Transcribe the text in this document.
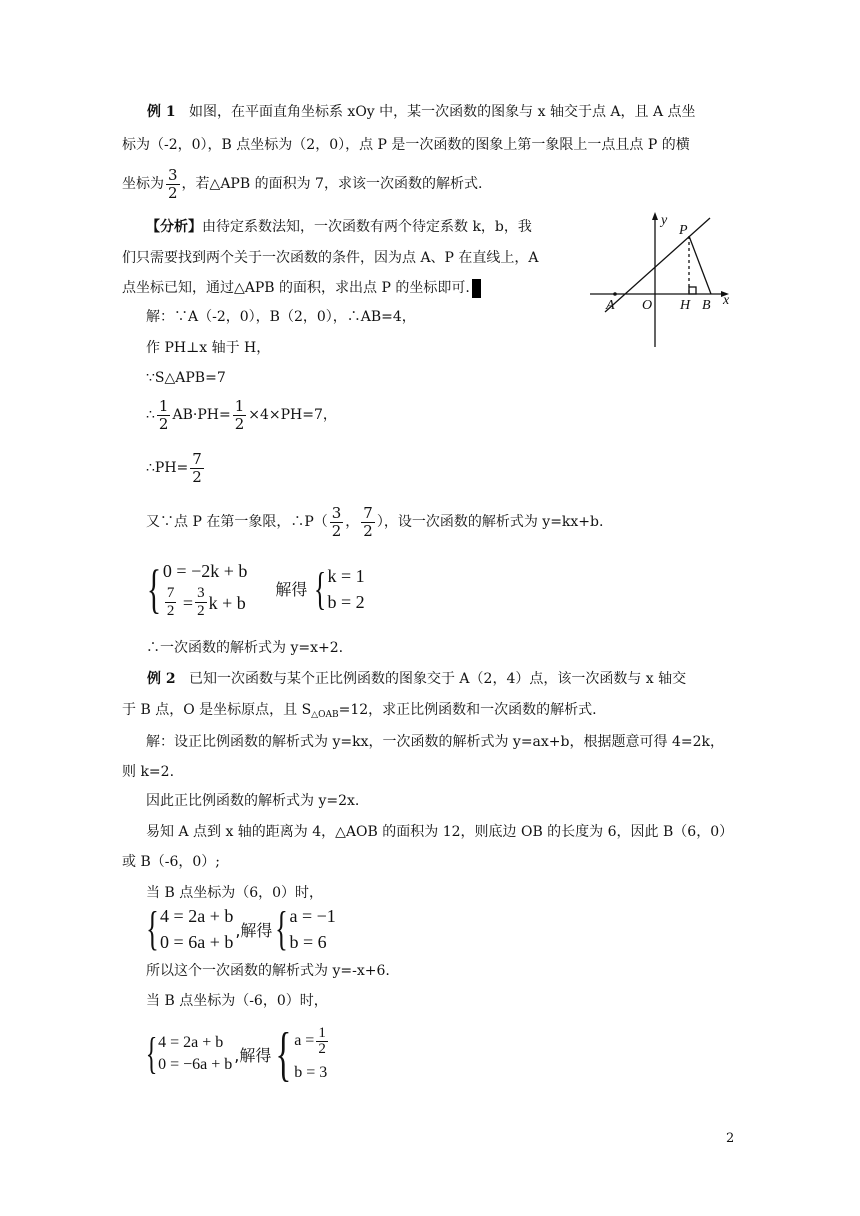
例 1 如图，在平面直角坐标系 xOy 中，某一次函数的图象与 x 轴交于点 A，且 A 点坐
标为（-2，0），B 点坐标为（2，0），点 P 是一次函数的图象上第一象限上一点且点 P 的横
坐标为 $\frac{3}{2}$ ，若△APB 的面积为 7，求该一次函数的解析式.
【分析】由待定系数法知，一次函数有两个待定系数 k，b，我
们只需要找到两个关于一次函数的条件，因为点 A、P 在直线上，A
点坐标已知，通过△APB 的面积，求出点 P 的坐标即可.
y
x
P
A O H B
解：∵A（-2，0），B（2，0），∴AB=4，
作 PH⊥x 轴于 H，
∵S△APB=7
∴ $\frac{1}{2} AB\cdot PH= \frac{1}{2} \times 4\times PH=7$，
∴PH= $\frac{7}{2}$
又∵点 P 在第一象限，∴P（ $\frac{3}{2}$ ， $\frac{7}{2}$ ），设一次函数的解析式为 y=kx+b.
{ 0 = −2k + b
$\frac{7}{2}$
= $\frac{3}{2}$ k + b
解得 { k = 1
b = 2
∴一次函数的解析式为 y=x+2.
例 2 已知一次函数与某个正比例函数的图象交于 A（2，4）点，该一次函数与 x 轴交
于 B 点，O 是坐标原点，且 $S_{\triangle OAB}=12$，求正比例函数和一次函数的解析式.
解：设正比例函数的解析式为 y=kx，一次函数的解析式为 y=ax+b，根据题意可得 4=2k，
则 k=2.
因此正比例函数的解析式为 y=2x.
易知 A 点到 x 轴的距离为 4，△AOB 的面积为 12，则底边 OB 的长度为 6，因此 B（6，0）
或 B（-6，0）;
当 B 点坐标为（6，0）时，
{ 4 = 2a + b
0 = 6a + b
,解得 { a = −1
b = 6
所以这个一次函数的解析式为 y=-x+6.
当 B 点坐标为（-6，0）时，
{ 4 = 2a + b
0 = −6a + b ,解得 { $a = \frac{1}{2}$
b = 3
2
